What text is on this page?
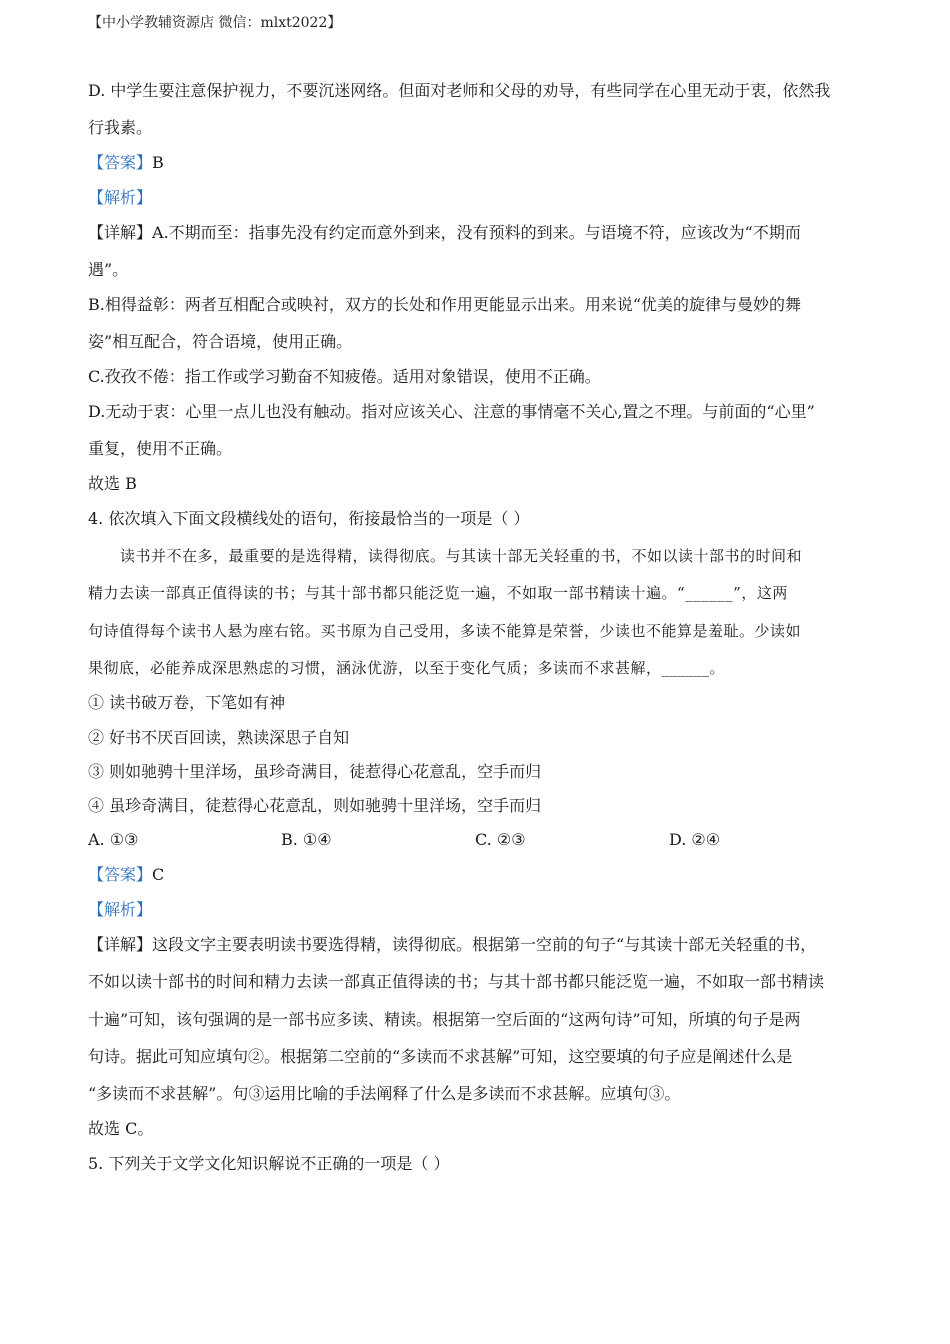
【中小学教辅资源店 微信：mlxt2022】
D. 中学生要注意保护视力，不要沉迷网络。但面对老师和父母的劝导，有些同学在心里无动于衷，依然我
行我素。
【答案】B
【解析】
【详解】A.不期而至：指事先没有约定而意外到来，没有预料的到来。与语境不符，应该改为“不期而
遇”。
B.相得益彰：两者互相配合或映衬，双方的长处和作用更能显示出来。用来说“优美的旋律与曼妙的舞
姿”相互配合，符合语境，使用正确。
C.孜孜不倦：指工作或学习勤奋不知疲倦。适用对象错误，使用不正确。
D.无动于衷：心里一点儿也没有触动。指对应该关心、注意的事情毫不关心,置之不理。与前面的“心里”
重复，使用不正确。
故选 B
4. 依次填入下面文段横线处的语句，衔接最恰当的一项是（ ）
读书并不在多，最重要的是选得精，读得彻底。与其读十部无关轻重的书，不如以读十部书的时间和
精力去读一部真正值得读的书；与其十部书都只能泛览一遍，不如取一部书精读十遍。“______”，这两
句诗值得每个读书人悬为座右铭。买书原为自己受用，多读不能算是荣誉，少读也不能算是羞耻。少读如
果彻底，必能养成深思熟虑的习惯，涵泳优游，以至于变化气质；多读而不求甚解，______。
① 读书破万卷，下笔如有神
② 好书不厌百回读，熟读深思子自知
③ 则如驰骋十里洋场，虽珍奇满目，徒惹得心花意乱，空手而归
④ 虽珍奇满目，徒惹得心花意乱，则如驰骋十里洋场，空手而归
A. ①③	B. ①④	C. ②③	D. ②④
【答案】C
【解析】
【详解】这段文字主要表明读书要选得精，读得彻底。根据第一空前的句子“与其读十部无关轻重的书，
不如以读十部书的时间和精力去读一部真正值得读的书；与其十部书都只能泛览一遍，不如取一部书精读
十遍”可知，该句强调的是一部书应多读、精读。根据第一空后面的“这两句诗”可知，所填的句子是两
句诗。据此可知应填句②。根据第二空前的“多读而不求甚解”可知，这空要填的句子应是阐述什么是
“多读而不求甚解”。句③运用比喻的手法阐释了什么是多读而不求甚解。应填句③。
故选 C。
5. 下列关于文学文化知识解说不正确的一项是（ ）
